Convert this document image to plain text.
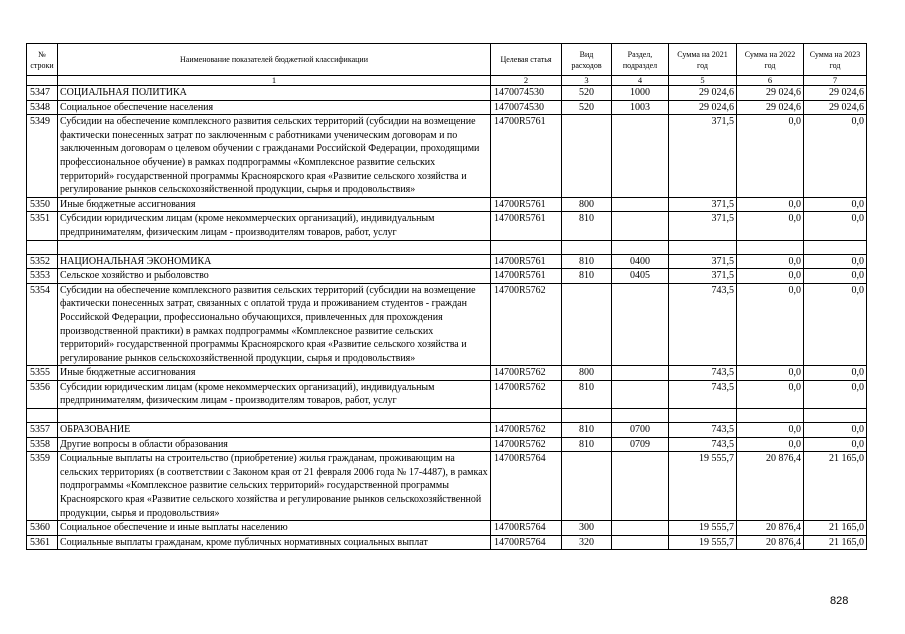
№ строки	Наименование показателей бюджетной классификации	Целевая статья	Вид расходов	Раздел, подраздел	Сумма на 2021 год	Сумма на 2022 год	Сумма на 2023 год
	1	2	3	4	5	6	7
5347	СОЦИАЛЬНАЯ ПОЛИТИКА	1470074530	520	1000	29 024,6	29 024,6	29 024,6
5348	Социальное обеспечение населения	1470074530	520	1003	29 024,6	29 024,6	29 024,6
5349	Субсидии на обеспечение комплексного развития сельских территорий (субсидии на возмещение фактически понесенных затрат по заключенным с работниками ученическим договорам и по заключенным договорам о целевом обучении с гражданами Российской Федерации, проходящими профессиональное обучение) в рамках подпрограммы «Комплексное развитие сельских территорий» государственной программы Красноярского края «Развитие сельского хозяйства и регулирование рынков сельскохозяйственной продукции, сырья и продовольствия»	14700R5761			371,5	0,0	0,0
5350	Иные бюджетные ассигнования	14700R5761	800		371,5	0,0	0,0
5351	Субсидии юридическим лицам (кроме некоммерческих организаций), индивидуальным предпринимателям, физическим лицам - производителям товаров, работ, услуг	14700R5761	810		371,5	0,0	0,0

5352	НАЦИОНАЛЬНАЯ ЭКОНОМИКА	14700R5761	810	0400	371,5	0,0	0,0
5353	Сельское хозяйство и рыболовство	14700R5761	810	0405	371,5	0,0	0,0
5354	Субсидии на обеспечение комплексного развития сельских территорий (субсидии на возмещение фактически понесенных затрат, связанных с оплатой труда и проживанием студентов - граждан Российской Федерации, профессионально обучающихся, привлеченных для прохождения производственной практики) в рамках подпрограммы «Комплексное развитие сельских территорий» государственной программы Красноярского края «Развитие сельского хозяйства и регулирование рынков сельскохозяйственной продукции, сырья и продовольствия»	14700R5762			743,5	0,0	0,0
5355	Иные бюджетные ассигнования	14700R5762	800		743,5	0,0	0,0
5356	Субсидии юридическим лицам (кроме некоммерческих организаций), индивидуальным предпринимателям, физическим лицам - производителям товаров, работ, услуг	14700R5762	810		743,5	0,0	0,0

5357	ОБРАЗОВАНИЕ	14700R5762	810	0700	743,5	0,0	0,0
5358	Другие вопросы в области образования	14700R5762	810	0709	743,5	0,0	0,0
5359	Социальные выплаты на строительство (приобретение) жилья гражданам, проживающим на сельских территориях (в соответствии с Законом края от 21 февраля 2006 года № 17-4487), в рамках подпрограммы «Комплексное развитие сельских территорий» государственной программы Красноярского края «Развитие сельского хозяйства и регулирование рынков сельскохозяйственной продукции, сырья и продовольствия»	14700R5764			19 555,7	20 876,4	21 165,0
5360	Социальное обеспечение и иные выплаты населению	14700R5764	300		19 555,7	20 876,4	21 165,0
5361	Социальные выплаты гражданам, кроме публичных нормативных социальных выплат	14700R5764	320		19 555,7	20 876,4	21 165,0
828
